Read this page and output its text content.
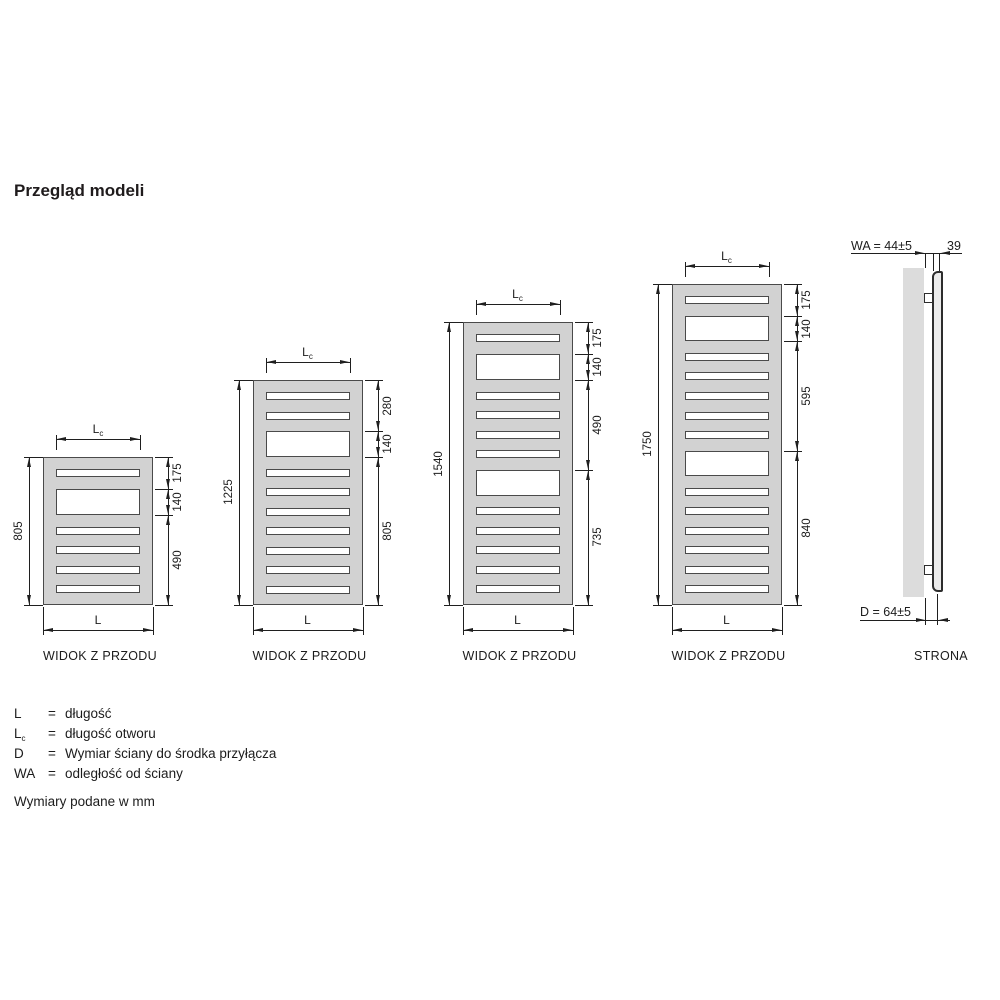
Przegląd modeli
WA = 44±5	39
D = 64±5
STRONA
Wymiary podane w mm
805
175
140
490
$L_c$
L
WIDOK Z PRZODU
1225
280
140
805
$L_c$
L
WIDOK Z PRZODU
1540
175
140
490
735
$L_c$
L
WIDOK Z PRZODU
1750
175
140
595
840
$L_c$
L
WIDOK Z PRZODU
L = długość
$L_c$ = długość otworu
D = Wymiar ściany do środka przyłącza
WA = odległość od ściany
